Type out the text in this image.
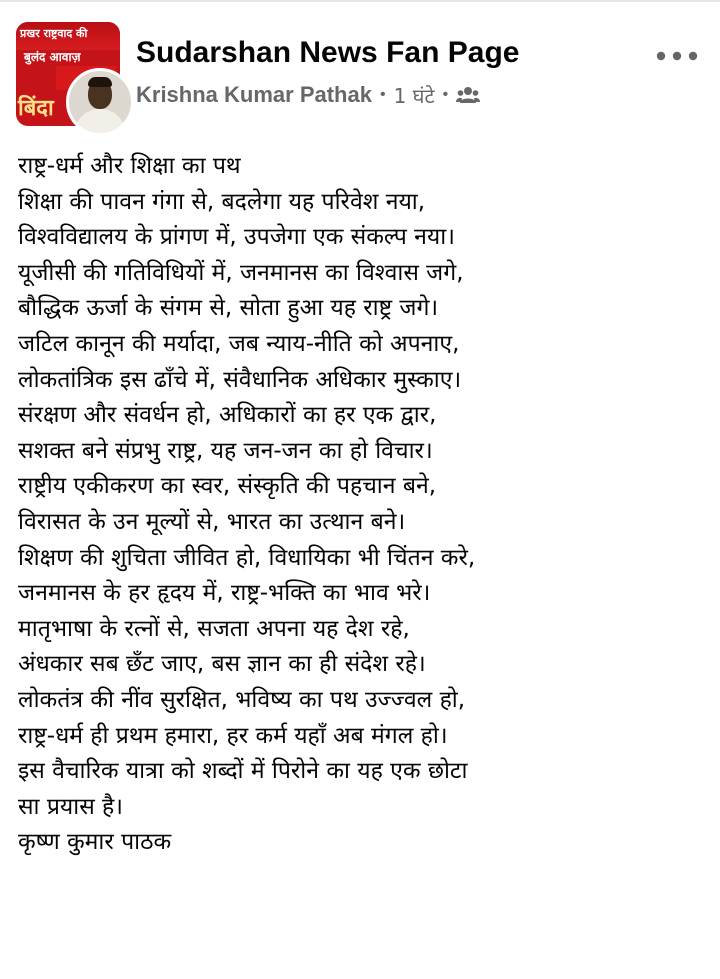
प्रखर राष्ट्रवाद की
बुलंद आवाज़
बिंदा
Sudarshan News Fan Page
Krishna Kumar Pathak • 1 घंटे •
राष्ट्र-धर्म और शिक्षा का पथ
शिक्षा की पावन गंगा से, बदलेगा यह परिवेश नया,
विश्वविद्यालय के प्रांगण में, उपजेगा एक संकल्प नया।
यूजीसी की गतिविधियों में, जनमानस का विश्वास जगे,
बौद्धिक ऊर्जा के संगम से, सोता हुआ यह राष्ट्र जगे।
जटिल कानून की मर्यादा, जब न्याय-नीति को अपनाए,
लोकतांत्रिक इस ढाँचे में, संवैधानिक अधिकार मुस्काए।
संरक्षण और संवर्धन हो, अधिकारों का हर एक द्वार,
सशक्त बने संप्रभु राष्ट्र, यह जन-जन का हो विचार।
राष्ट्रीय एकीकरण का स्वर, संस्कृति की पहचान बने,
विरासत के उन मूल्यों से, भारत का उत्थान बने।
शिक्षण की शुचिता जीवित हो, विधायिका भी चिंतन करे,
जनमानस के हर हृदय में, राष्ट्र-भक्ति का भाव भरे।
मातृभाषा के रत्नों से, सजता अपना यह देश रहे,
अंधकार सब छँट जाए, बस ज्ञान का ही संदेश रहे।
लोकतंत्र की नींव सुरक्षित, भविष्य का पथ उज्ज्वल हो,
राष्ट्र-धर्म ही प्रथम हमारा, हर कर्म यहाँ अब मंगल हो।
इस वैचारिक यात्रा को शब्दों में पिरोने का यह एक छोटा
सा प्रयास है।
कृष्ण कुमार पाठक
